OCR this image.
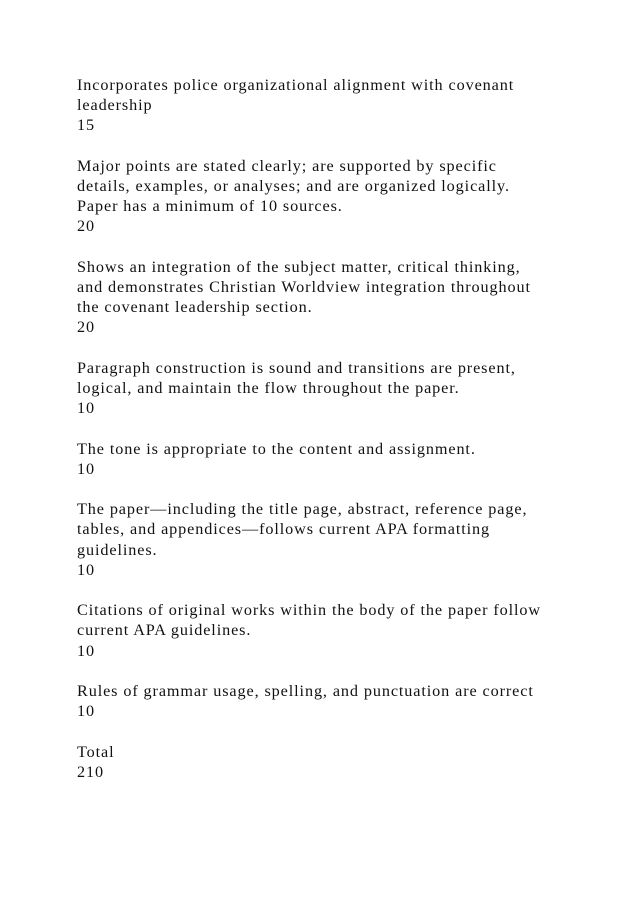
Incorporates police organizational alignment with covenant
leadership
15
Major points are stated clearly; are supported by specific
details, examples, or analyses; and are organized logically.
Paper has a minimum of 10 sources.
20
Shows an integration of the subject matter, critical thinking,
and demonstrates Christian Worldview integration throughout
the covenant leadership section.
20
Paragraph construction is sound and transitions are present,
logical, and maintain the flow throughout the paper.
10
The tone is appropriate to the content and assignment.
10
The paper—including the title page, abstract, reference page,
tables, and appendices—follows current APA formatting
guidelines.
10
Citations of original works within the body of the paper follow
current APA guidelines.
10
Rules of grammar usage, spelling, and punctuation are correct
10
Total
210
